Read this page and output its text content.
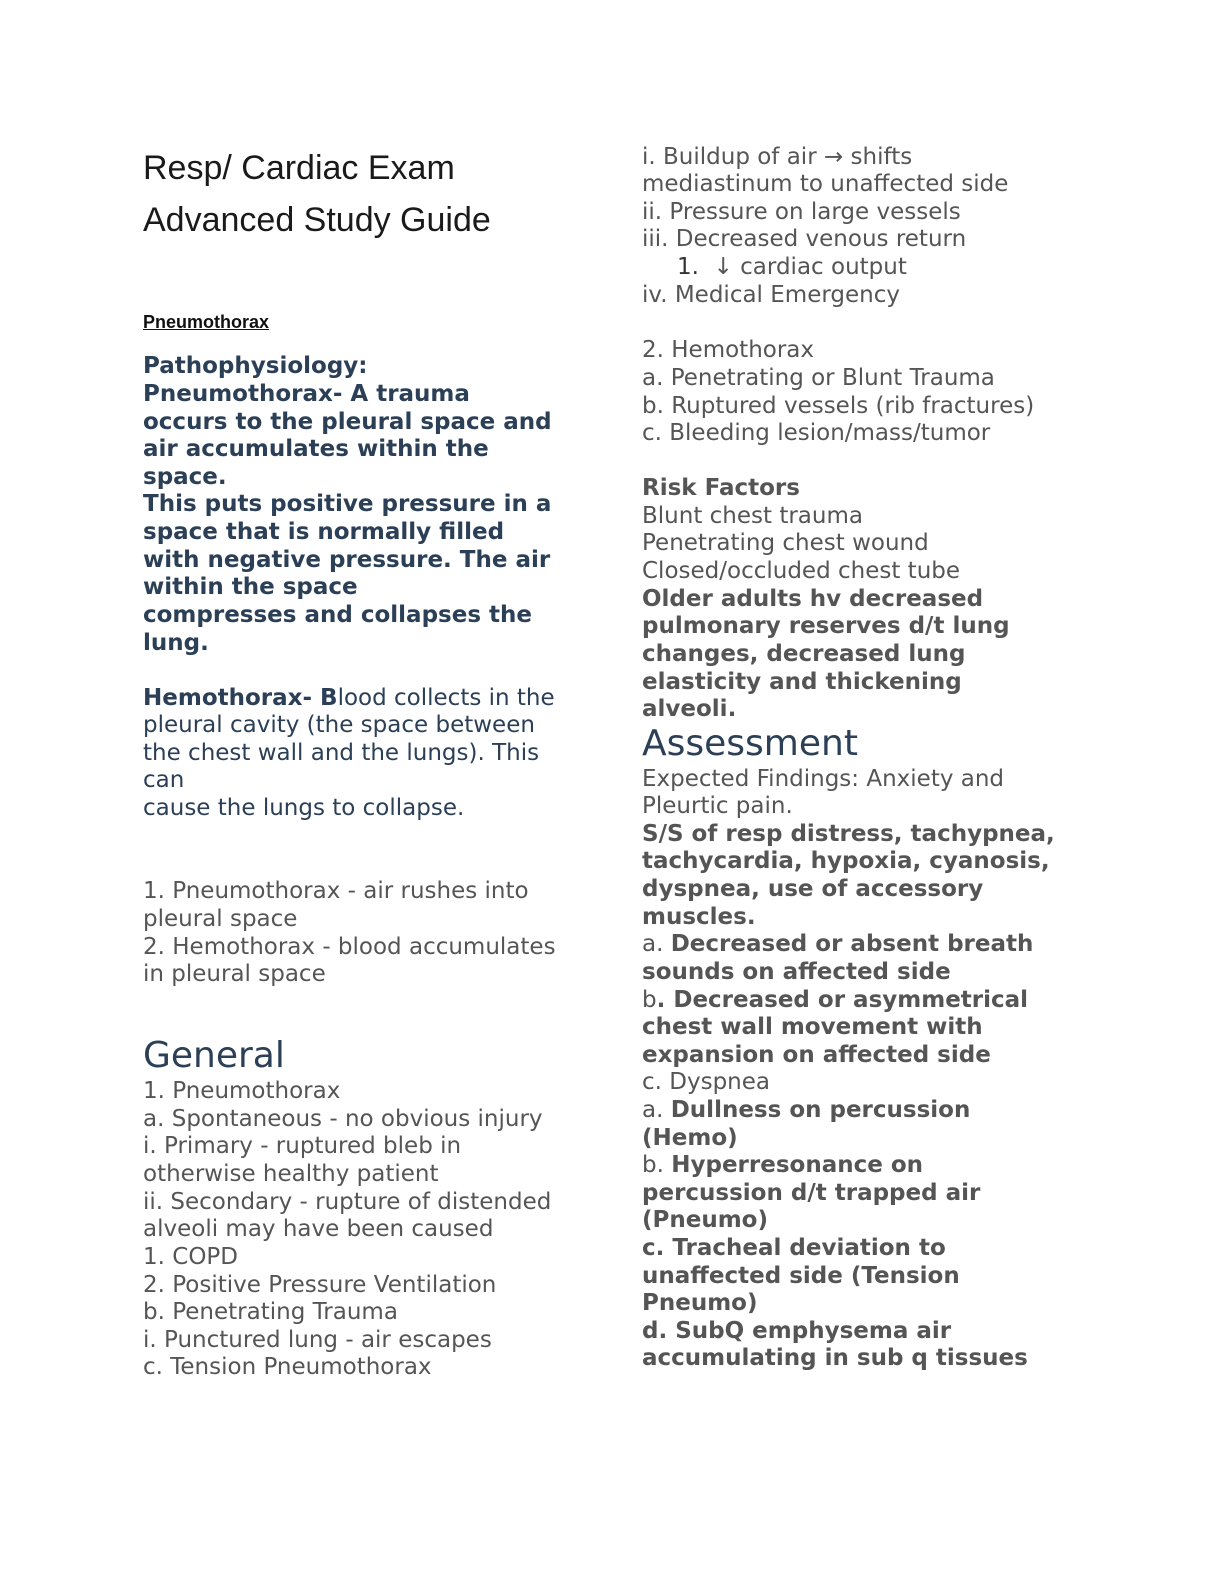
Resp/ Cardiac Exam
Advanced Study Guide
Pneumothorax
Pathophysiology:
Pneumothorax- A trauma
occurs to the pleural space and
air accumulates within the
space.
This puts positive pressure in a
space that is normally filled
with negative pressure. The air
within the space
compresses and collapses the
lung.
Hemothorax- Blood collects in the
pleural cavity (the space between
the chest wall and the lungs). This
can
cause the lungs to collapse.
1. Pneumothorax - air rushes into
pleural space
2. Hemothorax - blood accumulates
in pleural space
General
1. Pneumothorax
a. Spontaneous - no obvious injury
i. Primary - ruptured bleb in
otherwise healthy patient
ii. Secondary - rupture of distended
alveoli may have been caused
1. COPD
2. Positive Pressure Ventilation
b. Penetrating Trauma
i. Punctured lung - air escapes
c. Tension Pneumothorax
i. Buildup of air → shifts
mediastinum to unaffected side
ii. Pressure on large vessels
iii. Decreased venous return
1. ↓ cardiac output
iv. Medical Emergency
2. Hemothorax
a. Penetrating or Blunt Trauma
b. Ruptured vessels (rib fractures)
c. Bleeding lesion/mass/tumor
Risk Factors
Blunt chest trauma
Penetrating chest wound
Closed/occluded chest tube
Older adults hv decreased
pulmonary reserves d/t lung
changes, decreased lung
elasticity and thickening
alveoli.
Assessment
Expected Findings: Anxiety and
Pleurtic pain.
S/S of resp distress, tachypnea,
tachycardia, hypoxia, cyanosis,
dyspnea, use of accessory
muscles.
a. Decreased or absent breath
sounds on affected side
b. Decreased or asymmetrical
chest wall movement with
expansion on affected side
c. Dyspnea
a. Dullness on percussion
(Hemo)
b. Hyperresonance on
percussion d/t trapped air
(Pneumo)
c. Tracheal deviation to
unaffected side (Tension
Pneumo)
d. SubQ emphysema air
accumulating in sub q tissues
